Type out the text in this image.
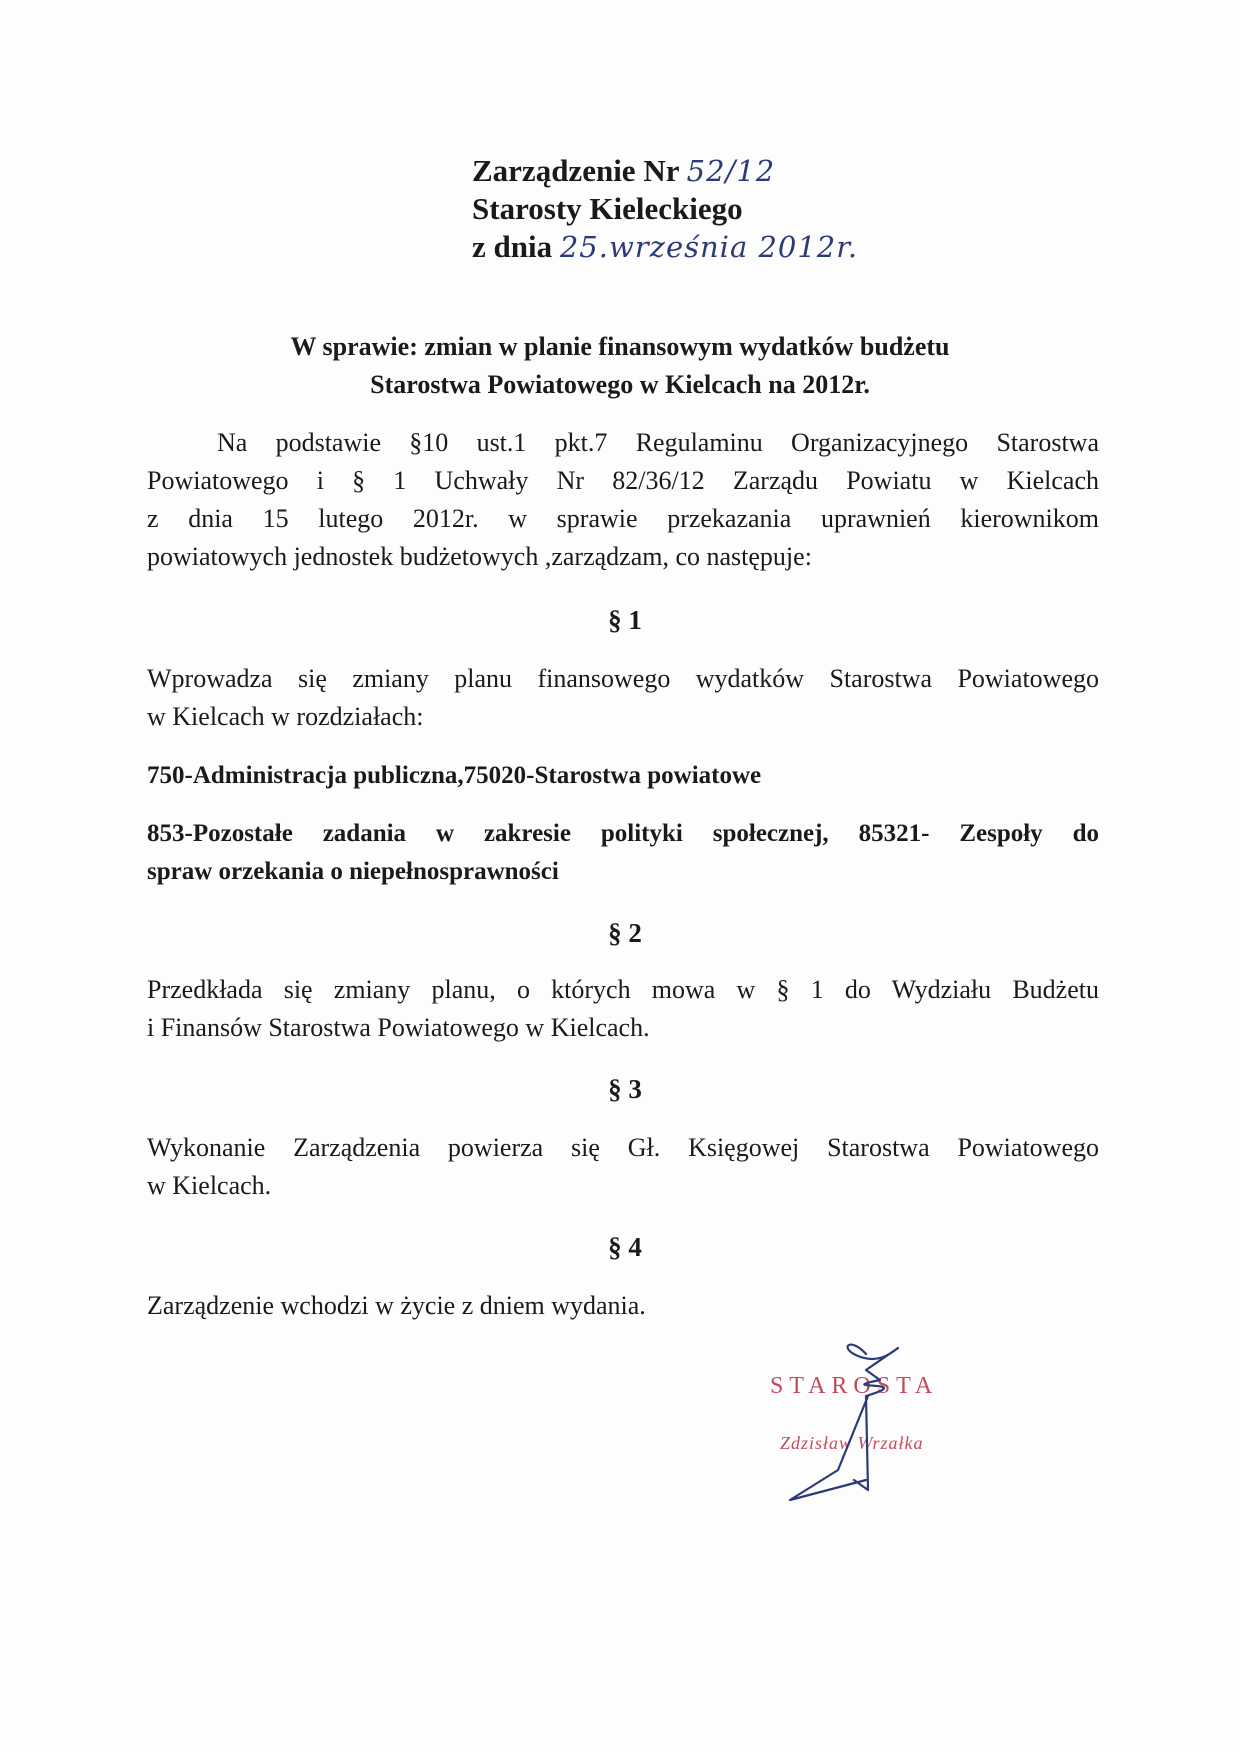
Zarządzenie Nr 52/12
Starosty Kieleckiego
z dnia 25.września 2012r.
W sprawie: zmian w planie finansowym wydatków budżetu
Starostwa Powiatowego w Kielcach na 2012r.
Na podstawie §10 ust.1 pkt.7 Regulaminu Organizacyjnego Starostwa
Powiatowego i § 1 Uchwały Nr 82/36/12 Zarządu Powiatu w Kielcach
z dnia 15 lutego 2012r. w sprawie przekazania uprawnień kierownikom
powiatowych jednostek budżetowych ,zarządzam, co następuje:
§ 1
Wprowadza się zmiany planu finansowego wydatków Starostwa Powiatowego
w Kielcach w rozdziałach:
750-Administracja publiczna,75020-Starostwa powiatowe
853-Pozostałe zadania w zakresie polityki społecznej, 85321- Zespoły do
spraw orzekania o niepełnosprawności
§ 2
Przedkłada się zmiany planu, o których mowa w § 1 do Wydziału Budżetu
i Finansów Starostwa Powiatowego w Kielcach.
§ 3
Wykonanie Zarządzenia powierza się Gł. Księgowej Starostwa Powiatowego
w Kielcach.
§ 4
Zarządzenie wchodzi w życie z dniem wydania.
STAROSTA
Zdzisław Wrzałka
